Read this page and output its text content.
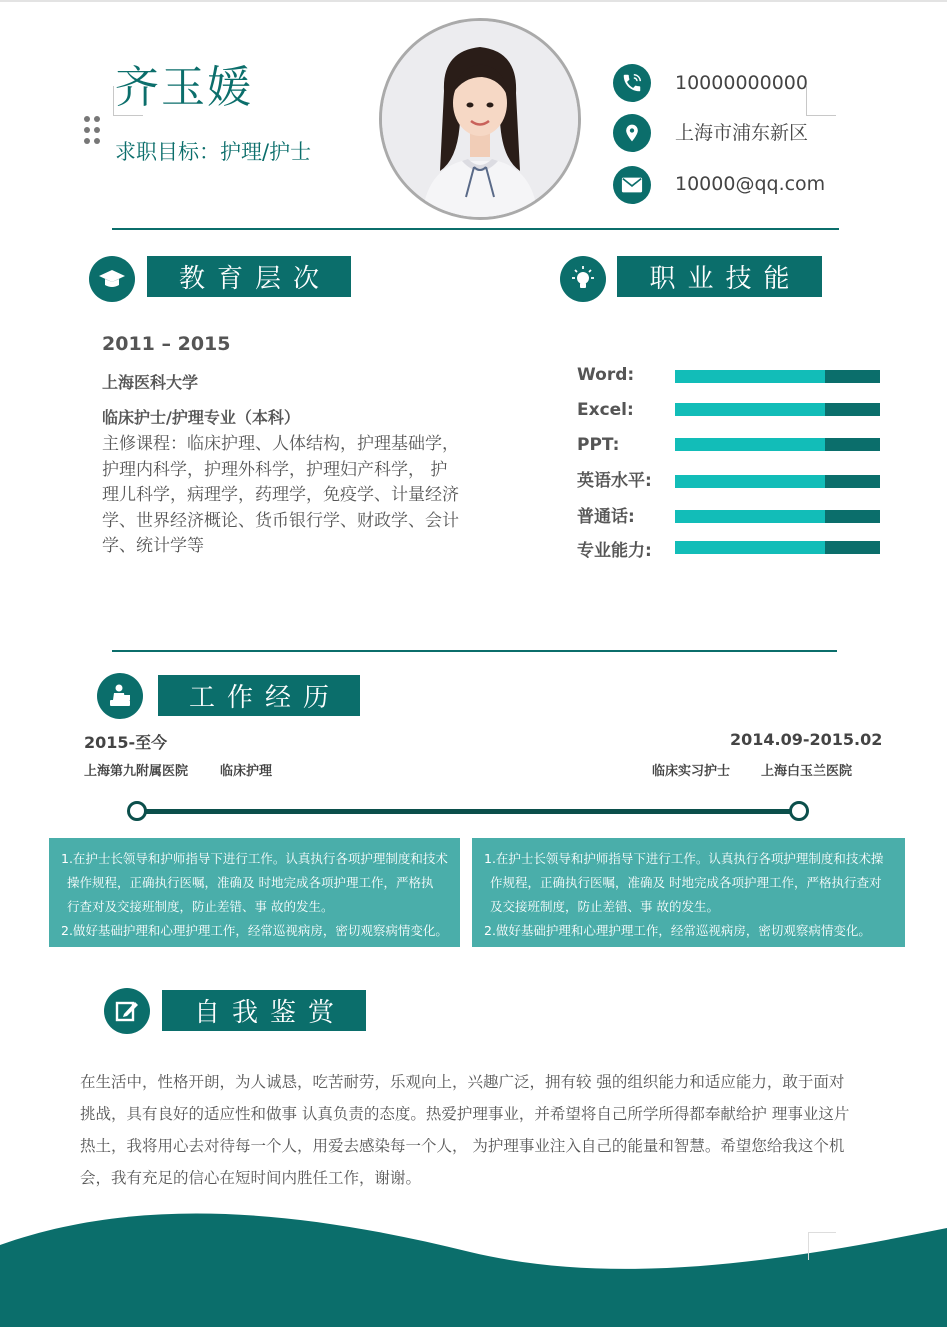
齐玉媛
求职目标：护理/护士
10000000000
上海市浦东新区
10000@qq.com
教育层次
2011 – 2015
上海医科大学
临床护士/护理专业（本科）
主修课程：临床护理、人体结构，护理基础学，
护理内科学，护理外科学，护理妇产科学， 护
理儿科学，病理学，药理学，免疫学、计量经济
学、世界经济概论、货币银行学、财政学、会计
学、统计学等
职业技能
Word:
Excel:
PPT:
英语水平:
普通话:
专业能力:
工作经历
2015-至今
上海第九附属医院 临床护理
2014.09-2015.02
临床实习护士 上海白玉兰医院
1.在护士长领导和护师指导下进行工作。认真执行各项护理制度和技术
操作规程，正确执行医嘱，准确及 时地完成各项护理工作，严格执
行查对及交接班制度，防止差错、事 故的发生。
2.做好基础护理和心理护理工作，经常巡视病房，密切观察病情变化。
1.在护士长领导和护师指导下进行工作。认真执行各项护理制度和技术操
作规程，正确执行医嘱，准确及 时地完成各项护理工作，严格执行查对
及交接班制度，防止差错、事 故的发生。
2.做好基础护理和心理护理工作，经常巡视病房，密切观察病情变化。
自我鉴赏
在生活中，性格开朗，为人诚恳，吃苦耐劳，乐观向上，兴趣广泛，拥有较 强的组织能力和适应能力，敢于面对
挑战，具有良好的适应性和做事 认真负责的态度。热爱护理事业，并希望将自己所学所得都奉献给护 理事业这片
热土，我将用心去对待每一个人，用爱去感染每一个人， 为护理事业注入自己的能量和智慧。希望您给我这个机
会，我有充足的信心在短时间内胜任工作，谢谢。
